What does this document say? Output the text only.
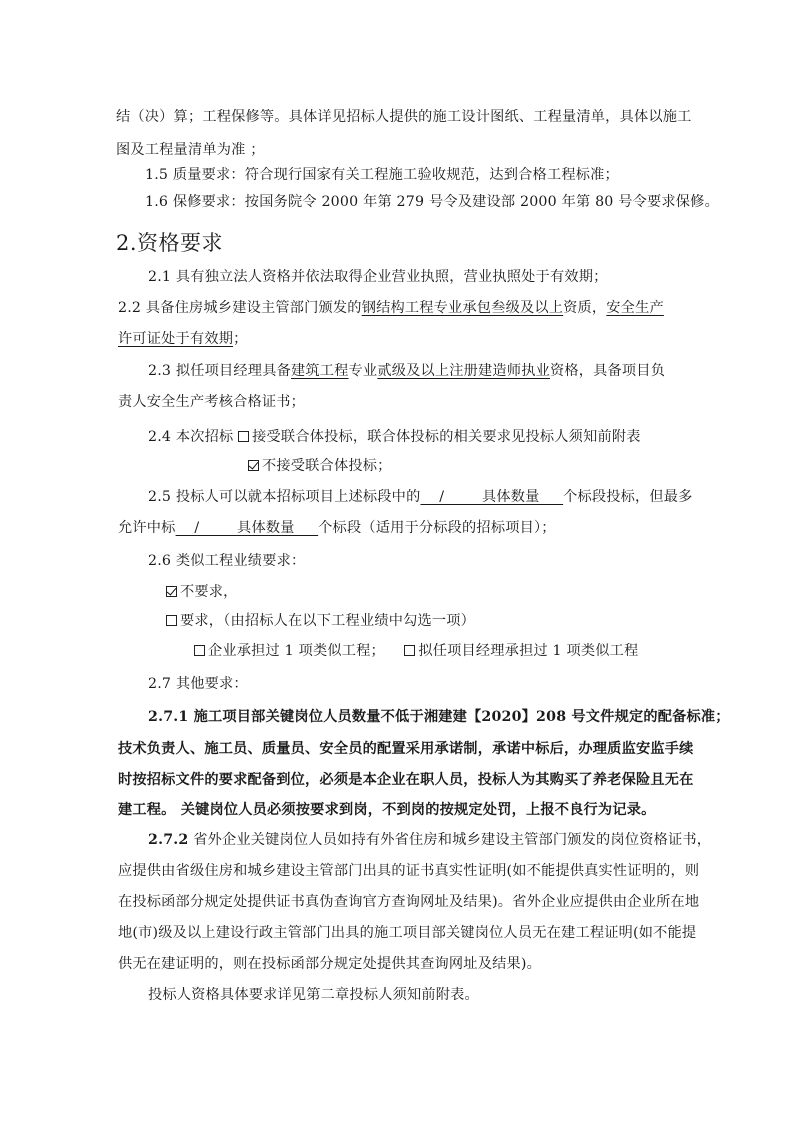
结（决）算；工程保修等。具体详见招标人提供的施工设计图纸、工程量清单，具体以施工
图及工程量清单为准 ；
1.5 质量要求：符合现行国家有关工程施工验收规范，达到合格工程标准；
1.6 保修要求：按国务院令 2000 年第 279 号令及建设部 2000 年第 80 号令要求保修。
2.资格要求
2.1 具有独立法人资格并依法取得企业营业执照，营业执照处于有效期；
2.2 具备住房城乡建设主管部门颁发的钢结构工程专业承包叁级及以上资质，安全生产
许可证处于有效期；
2.3 拟任项目经理具备建筑工程专业贰级及以上注册建造师执业资格，具备项目负
责人安全生产考核合格证书；
2.4 本次招标 接受联合体投标，联合体投标的相关要求见投标人须知前附表
不接受联合体投标；
2.5 投标人可以就本招标项目上述标段中的    /        具体数量     个标段投标，但最多
允许中标    /        具体数量     个标段（适用于分标段的招标项目）；
2.6 类似工程业绩要求：
不要求，
要求，（由招标人在以下工程业绩中勾选一项）
企业承担过 1 项类似工程； 拟任项目经理承担过 1 项类似工程
2.7 其他要求：
2.7.1 施工项目部关键岗位人员数量不低于湘建建【2020】208 号文件规定的配备标准；
技术负责人、施工员、质量员、安全员的配置采用承诺制，承诺中标后，办理质监安监手续
时按招标文件的要求配备到位，必须是本企业在职人员，投标人为其购买了养老保险且无在
建工程。 关键岗位人员必须按要求到岗，不到岗的按规定处罚，上报不良行为记录。
2.7.2 省外企业关键岗位人员如持有外省住房和城乡建设主管部门颁发的岗位资格证书，
应提供由省级住房和城乡建设主管部门出具的证书真实性证明(如不能提供真实性证明的，则
在投标函部分规定处提供证书真伪查询官方查询网址及结果)。省外企业应提供由企业所在地
地(市)级及以上建设行政主管部门出具的施工项目部关键岗位人员无在建工程证明(如不能提
供无在建证明的，则在投标函部分规定处提供其查询网址及结果)。
投标人资格具体要求详见第二章投标人须知前附表。
